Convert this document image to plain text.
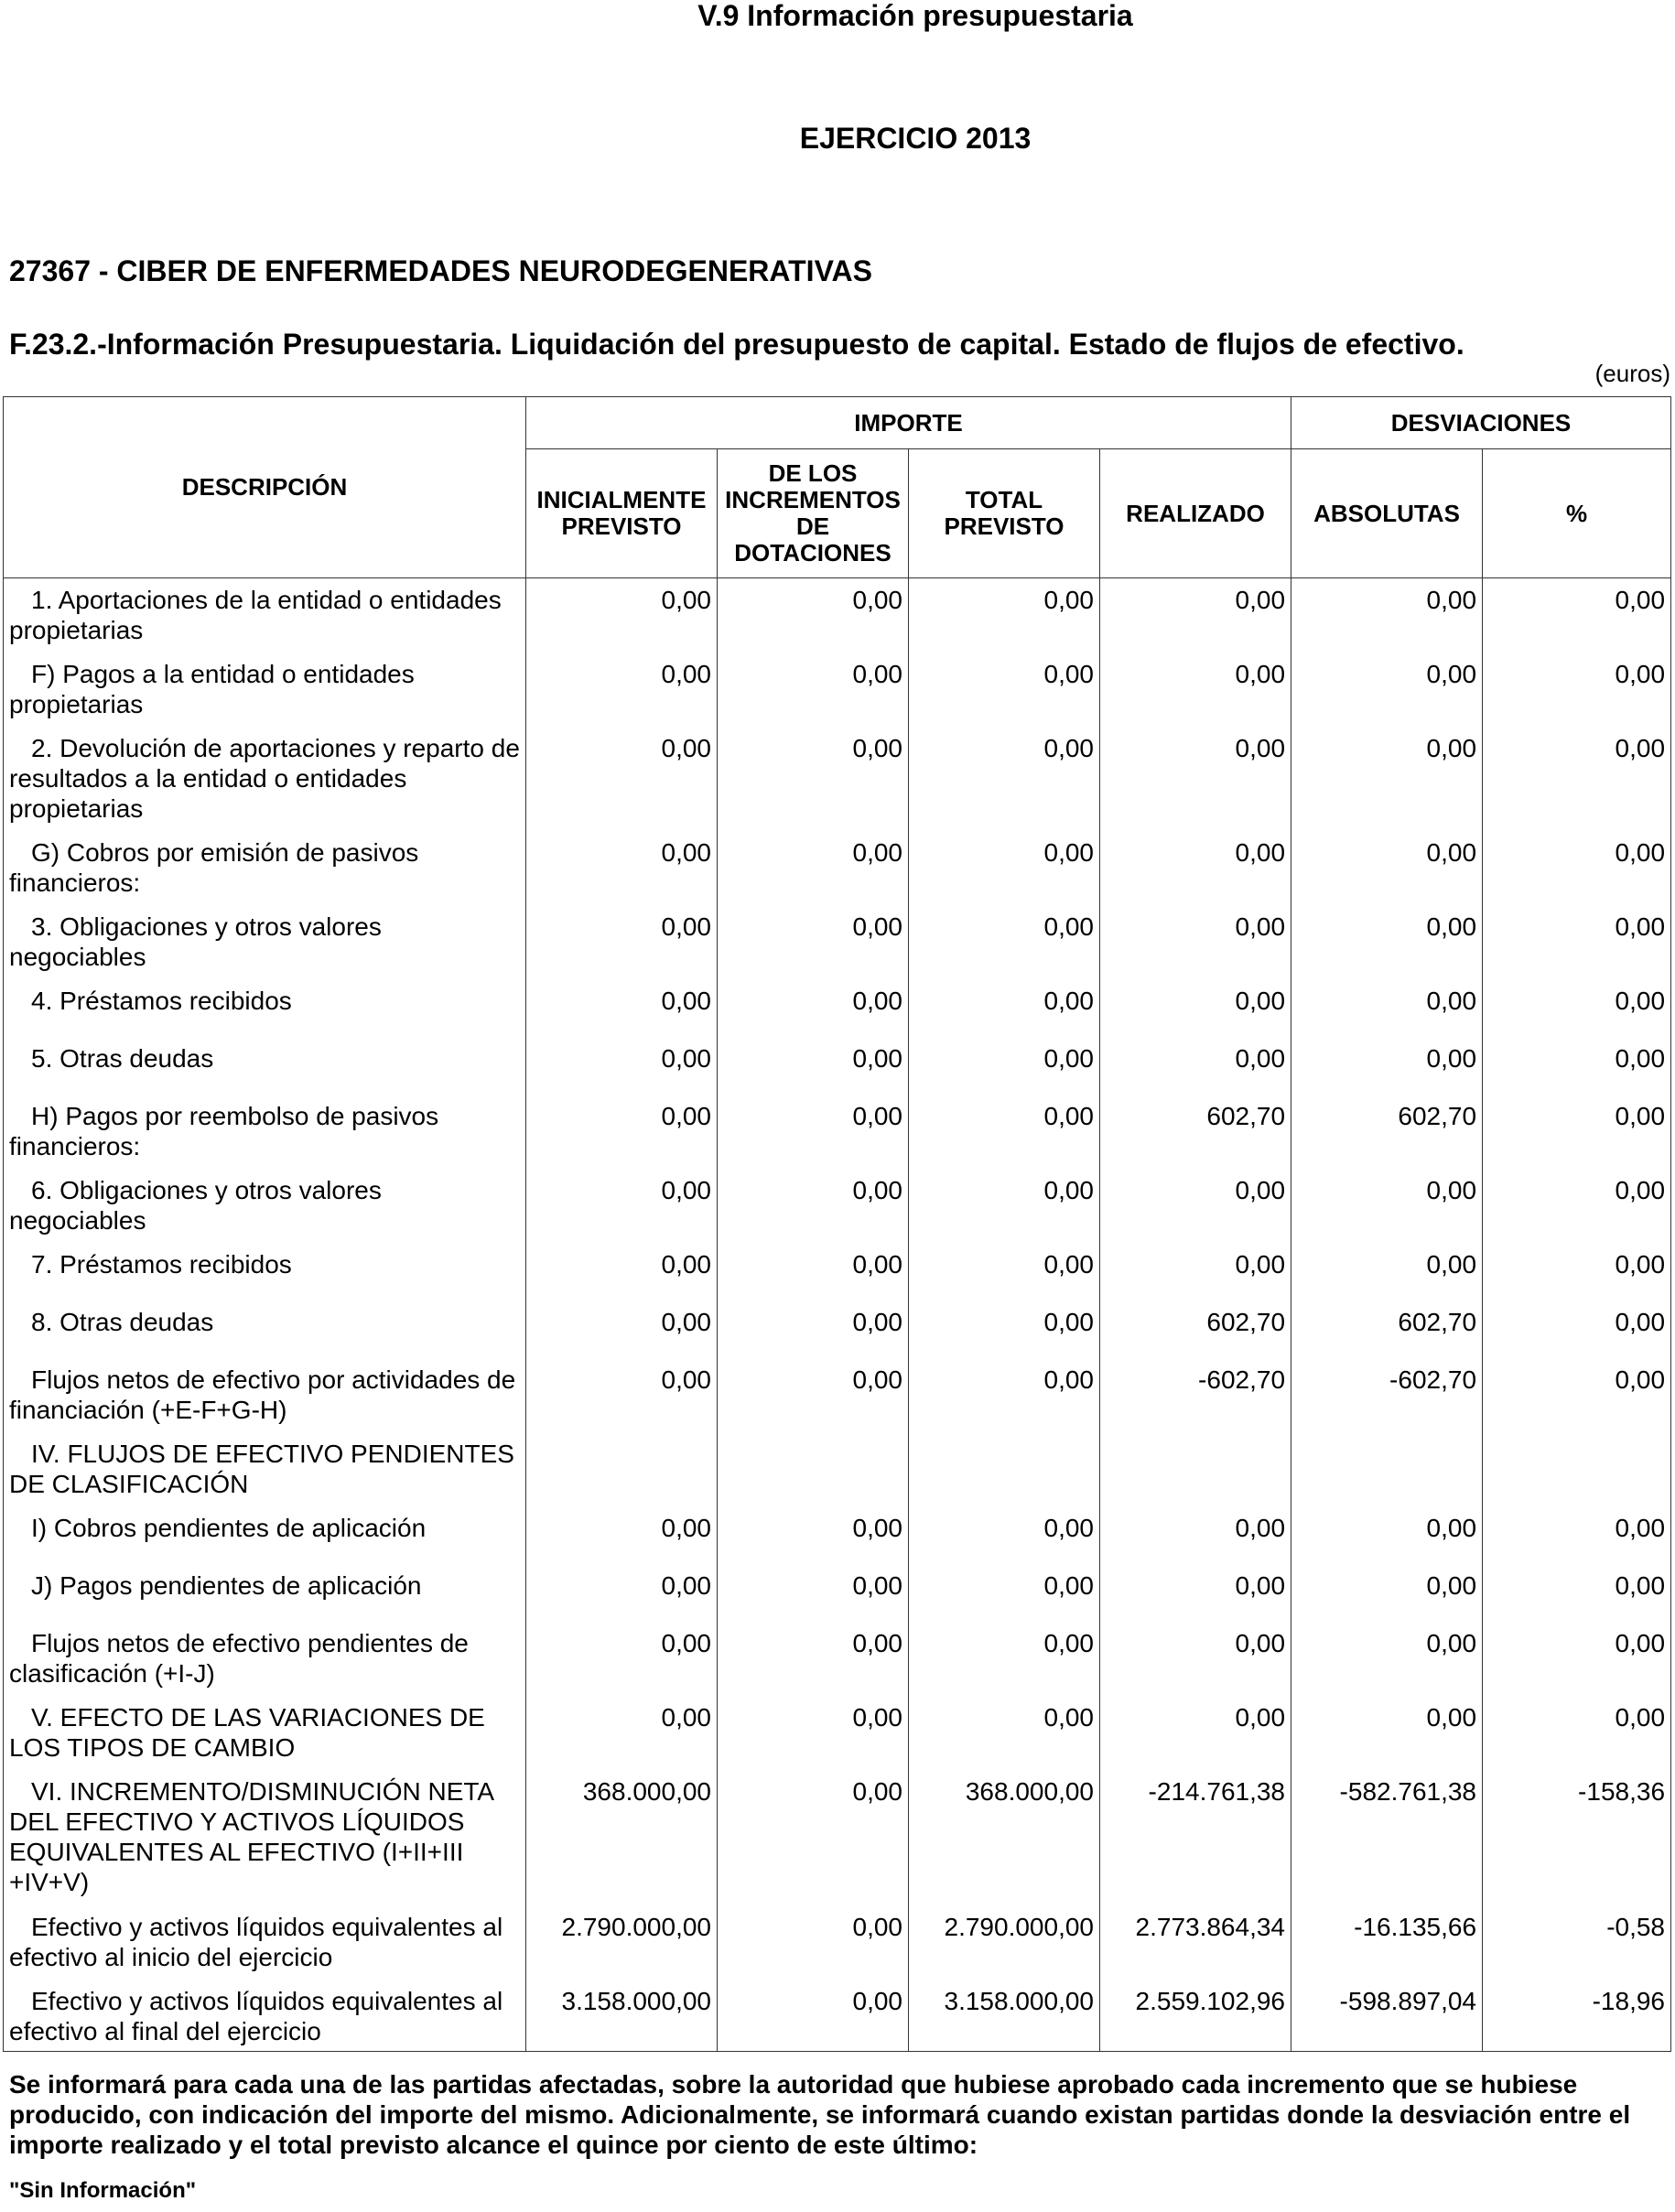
V.9 Información presupuestaria
EJERCICIO 2013
27367 - CIBER DE ENFERMEDADES NEURODEGENERATIVAS
F.23.2.-Información Presupuestaria. Liquidación del presupuesto de capital. Estado de flujos de efectivo.
(euros)
DESCRIPCIÓN	IMPORTE				DESVIACIONES	
	INICIALMENTE PREVISTO	DE LOS INCREMENTOS DE DOTACIONES	TOTAL PREVISTO	REALIZADO	ABSOLUTAS	%
1. Aportaciones de la entidad o entidades propietarias	0,00	0,00	0,00	0,00	0,00	0,00
F) Pagos a la entidad o entidades propietarias	0,00	0,00	0,00	0,00	0,00	0,00
2. Devolución de aportaciones y reparto de resultados a la entidad o entidades propietarias	0,00	0,00	0,00	0,00	0,00	0,00
G) Cobros por emisión de pasivos financieros:	0,00	0,00	0,00	0,00	0,00	0,00
3. Obligaciones y otros valores negociables	0,00	0,00	0,00	0,00	0,00	0,00
4. Préstamos recibidos	0,00	0,00	0,00	0,00	0,00	0,00
5. Otras deudas	0,00	0,00	0,00	0,00	0,00	0,00
H) Pagos por reembolso de pasivos financieros:	0,00	0,00	0,00	602,70	602,70	0,00
6. Obligaciones y otros valores negociables	0,00	0,00	0,00	0,00	0,00	0,00
7. Préstamos recibidos	0,00	0,00	0,00	0,00	0,00	0,00
8. Otras deudas	0,00	0,00	0,00	602,70	602,70	0,00
Flujos netos de efectivo por actividades de financiación (+E-F+G-H)	0,00	0,00	0,00	-602,70	-602,70	0,00
IV. FLUJOS DE EFECTIVO PENDIENTES DE CLASIFICACIÓN						
I) Cobros pendientes de aplicación	0,00	0,00	0,00	0,00	0,00	0,00
J) Pagos pendientes de aplicación	0,00	0,00	0,00	0,00	0,00	0,00
Flujos netos de efectivo pendientes de clasificación (+I-J)	0,00	0,00	0,00	0,00	0,00	0,00
V. EFECTO DE LAS VARIACIONES DE LOS TIPOS DE CAMBIO	0,00	0,00	0,00	0,00	0,00	0,00
VI. INCREMENTO/DISMINUCIÓN NETA DEL EFECTIVO Y ACTIVOS LÍQUIDOS EQUIVALENTES AL EFECTIVO (I+II+III +IV+V)	368.000,00	0,00	368.000,00	-214.761,38	-582.761,38	-158,36
Efectivo y activos líquidos equivalentes al efectivo al inicio del ejercicio	2.790.000,00	0,00	2.790.000,00	2.773.864,34	-16.135,66	-0,58
Efectivo y activos líquidos equivalentes al efectivo al final del ejercicio	3.158.000,00	0,00	3.158.000,00	2.559.102,96	-598.897,04	-18,96
Se informará para cada una de las partidas afectadas, sobre la autoridad que hubiese aprobado cada incremento que se hubiese producido, con indicación del importe del mismo. Adicionalmente, se informará cuando existan partidas donde la desviación entre el importe realizado y el total previsto alcance el quince por ciento de este último:
"Sin Información"
